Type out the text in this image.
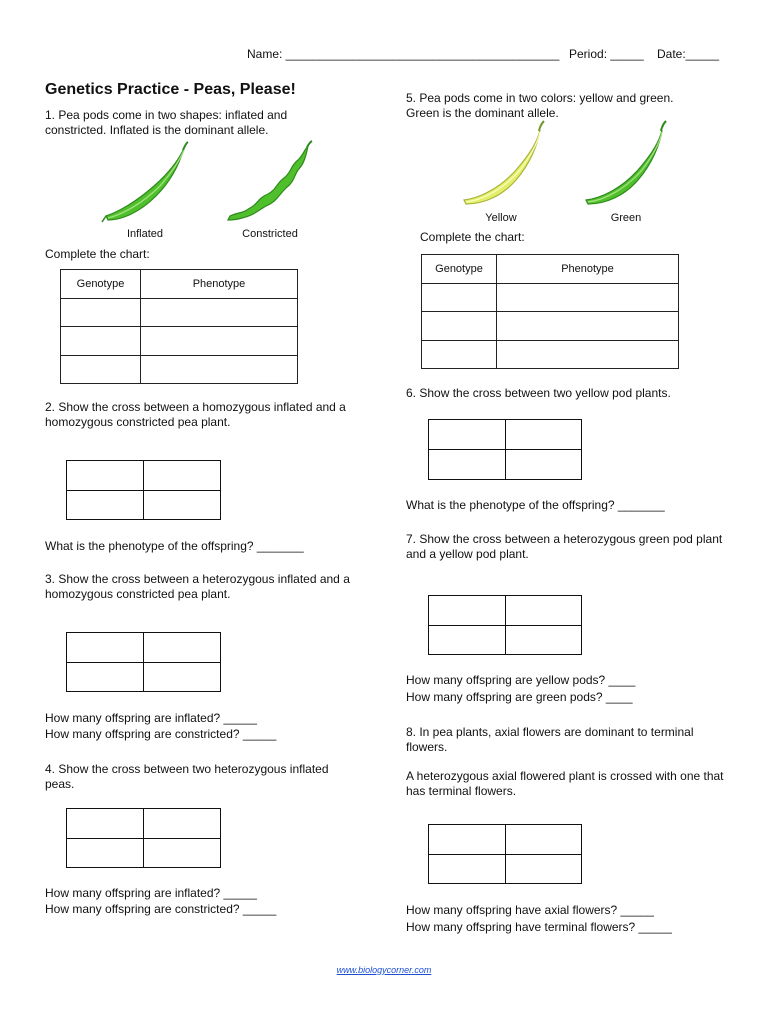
Name: _________________________________________ Period: _____ Date:_____
Genetics Practice - Peas, Please!

1. Pea pods come in two shapes: inflated and constricted. Inflated is the dominant allele.

Inflated	Constricted
Complete the chart:
Genotype	Phenotype

2. Show the cross between a homozygous inflated and a homozygous constricted pea plant.

What is the phenotype of the offspring? _______

3. Show the cross between a heterozygous inflated and a homozygous constricted pea plant.

How many offspring are inflated? _____
How many offspring are constricted? _____

4. Show the cross between two heterozygous inflated peas.

How many offspring are inflated? _____
How many offspring are constricted? _____

5. Pea pods come in two colors: yellow and green. Green is the dominant allele.

Yellow	Green
Complete the chart:
Genotype	Phenotype

6. Show the cross between two yellow pod plants.

What is the phenotype of the offspring? _______

7. Show the cross between a heterozygous green pod plant and a yellow pod plant.

How many offspring are yellow pods? ____
How many offspring are green pods? ____

8. In pea plants, axial flowers are dominant to terminal flowers.

A heterozygous axial flowered plant is crossed with one that has terminal flowers.

How many offspring have axial flowers? _____
How many offspring have terminal flowers? _____
www.biologycorner.com
